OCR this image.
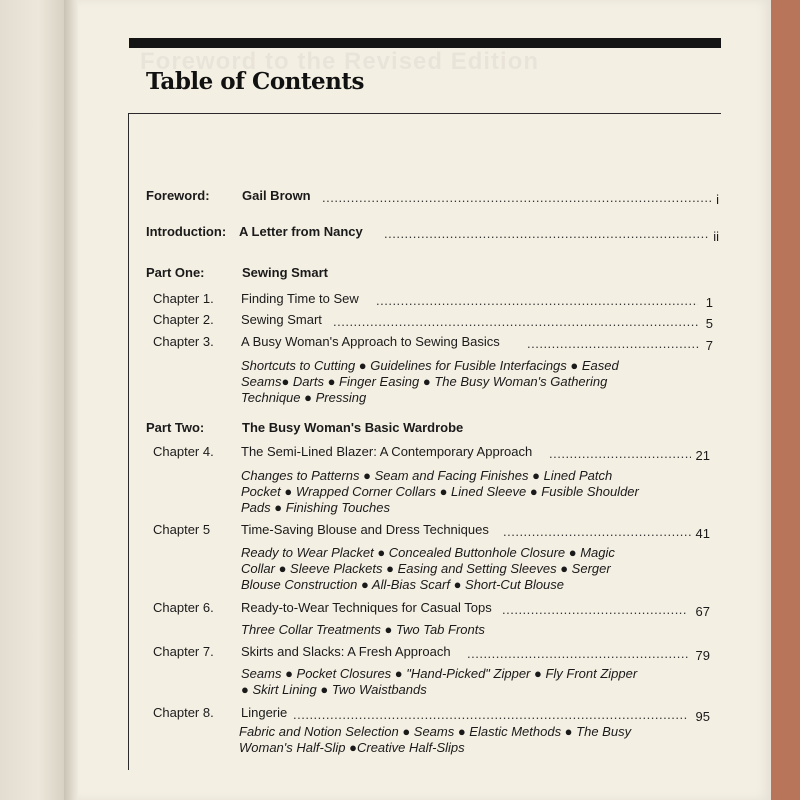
Table of Contents
Foreword: Gail Brown .....	i
Introduction: A Letter from Nancy .....	ii
Part One:	Sewing Smart
Chapter 1. Finding Time to Sew .....	1
Chapter 2. Sewing Smart .....	5
Chapter 3. A Busy Woman's Approach to Sewing Basics .....	7
Shortcuts to Cutting ● Guidelines for Fusible Interfacings ● Eased
Seams● Darts ● Finger Easing ● The Busy Woman's Gathering
Technique ● Pressing
Part Two:	The Busy Woman's Basic Wardrobe
Chapter 4. The Semi-Lined Blazer: A Contemporary Approach .....	21
Changes to Patterns ● Seam and Facing Finishes ● Lined Patch
Pocket ● Wrapped Corner Collars ● Lined Sleeve ● Fusible Shoulder
Pads ● Finishing Touches
Chapter 5 Time-Saving Blouse and Dress Techniques .....	41
Ready to Wear Placket ● Concealed Buttonhole Closure ● Magic
Collar ● Sleeve Plackets ● Easing and Setting Sleeves ● Serger
Blouse Construction ● All-Bias Scarf ● Short-Cut Blouse
Chapter 6. Ready-to-Wear Techniques for Casual Tops .....	67
Three Collar Treatments ● Two Tab Fronts
Chapter 7. Skirts and Slacks: A Fresh Approach .....	79
Seams ● Pocket Closures ● "Hand-Picked" Zipper ● Fly Front Zipper
● Skirt Lining ● Two Waistbands
Chapter 8. Lingerie .....	95
Fabric and Notion Selection ● Seams ● Elastic Methods ● The Busy
Woman's Half-Slip ●Creative Half-Slips
